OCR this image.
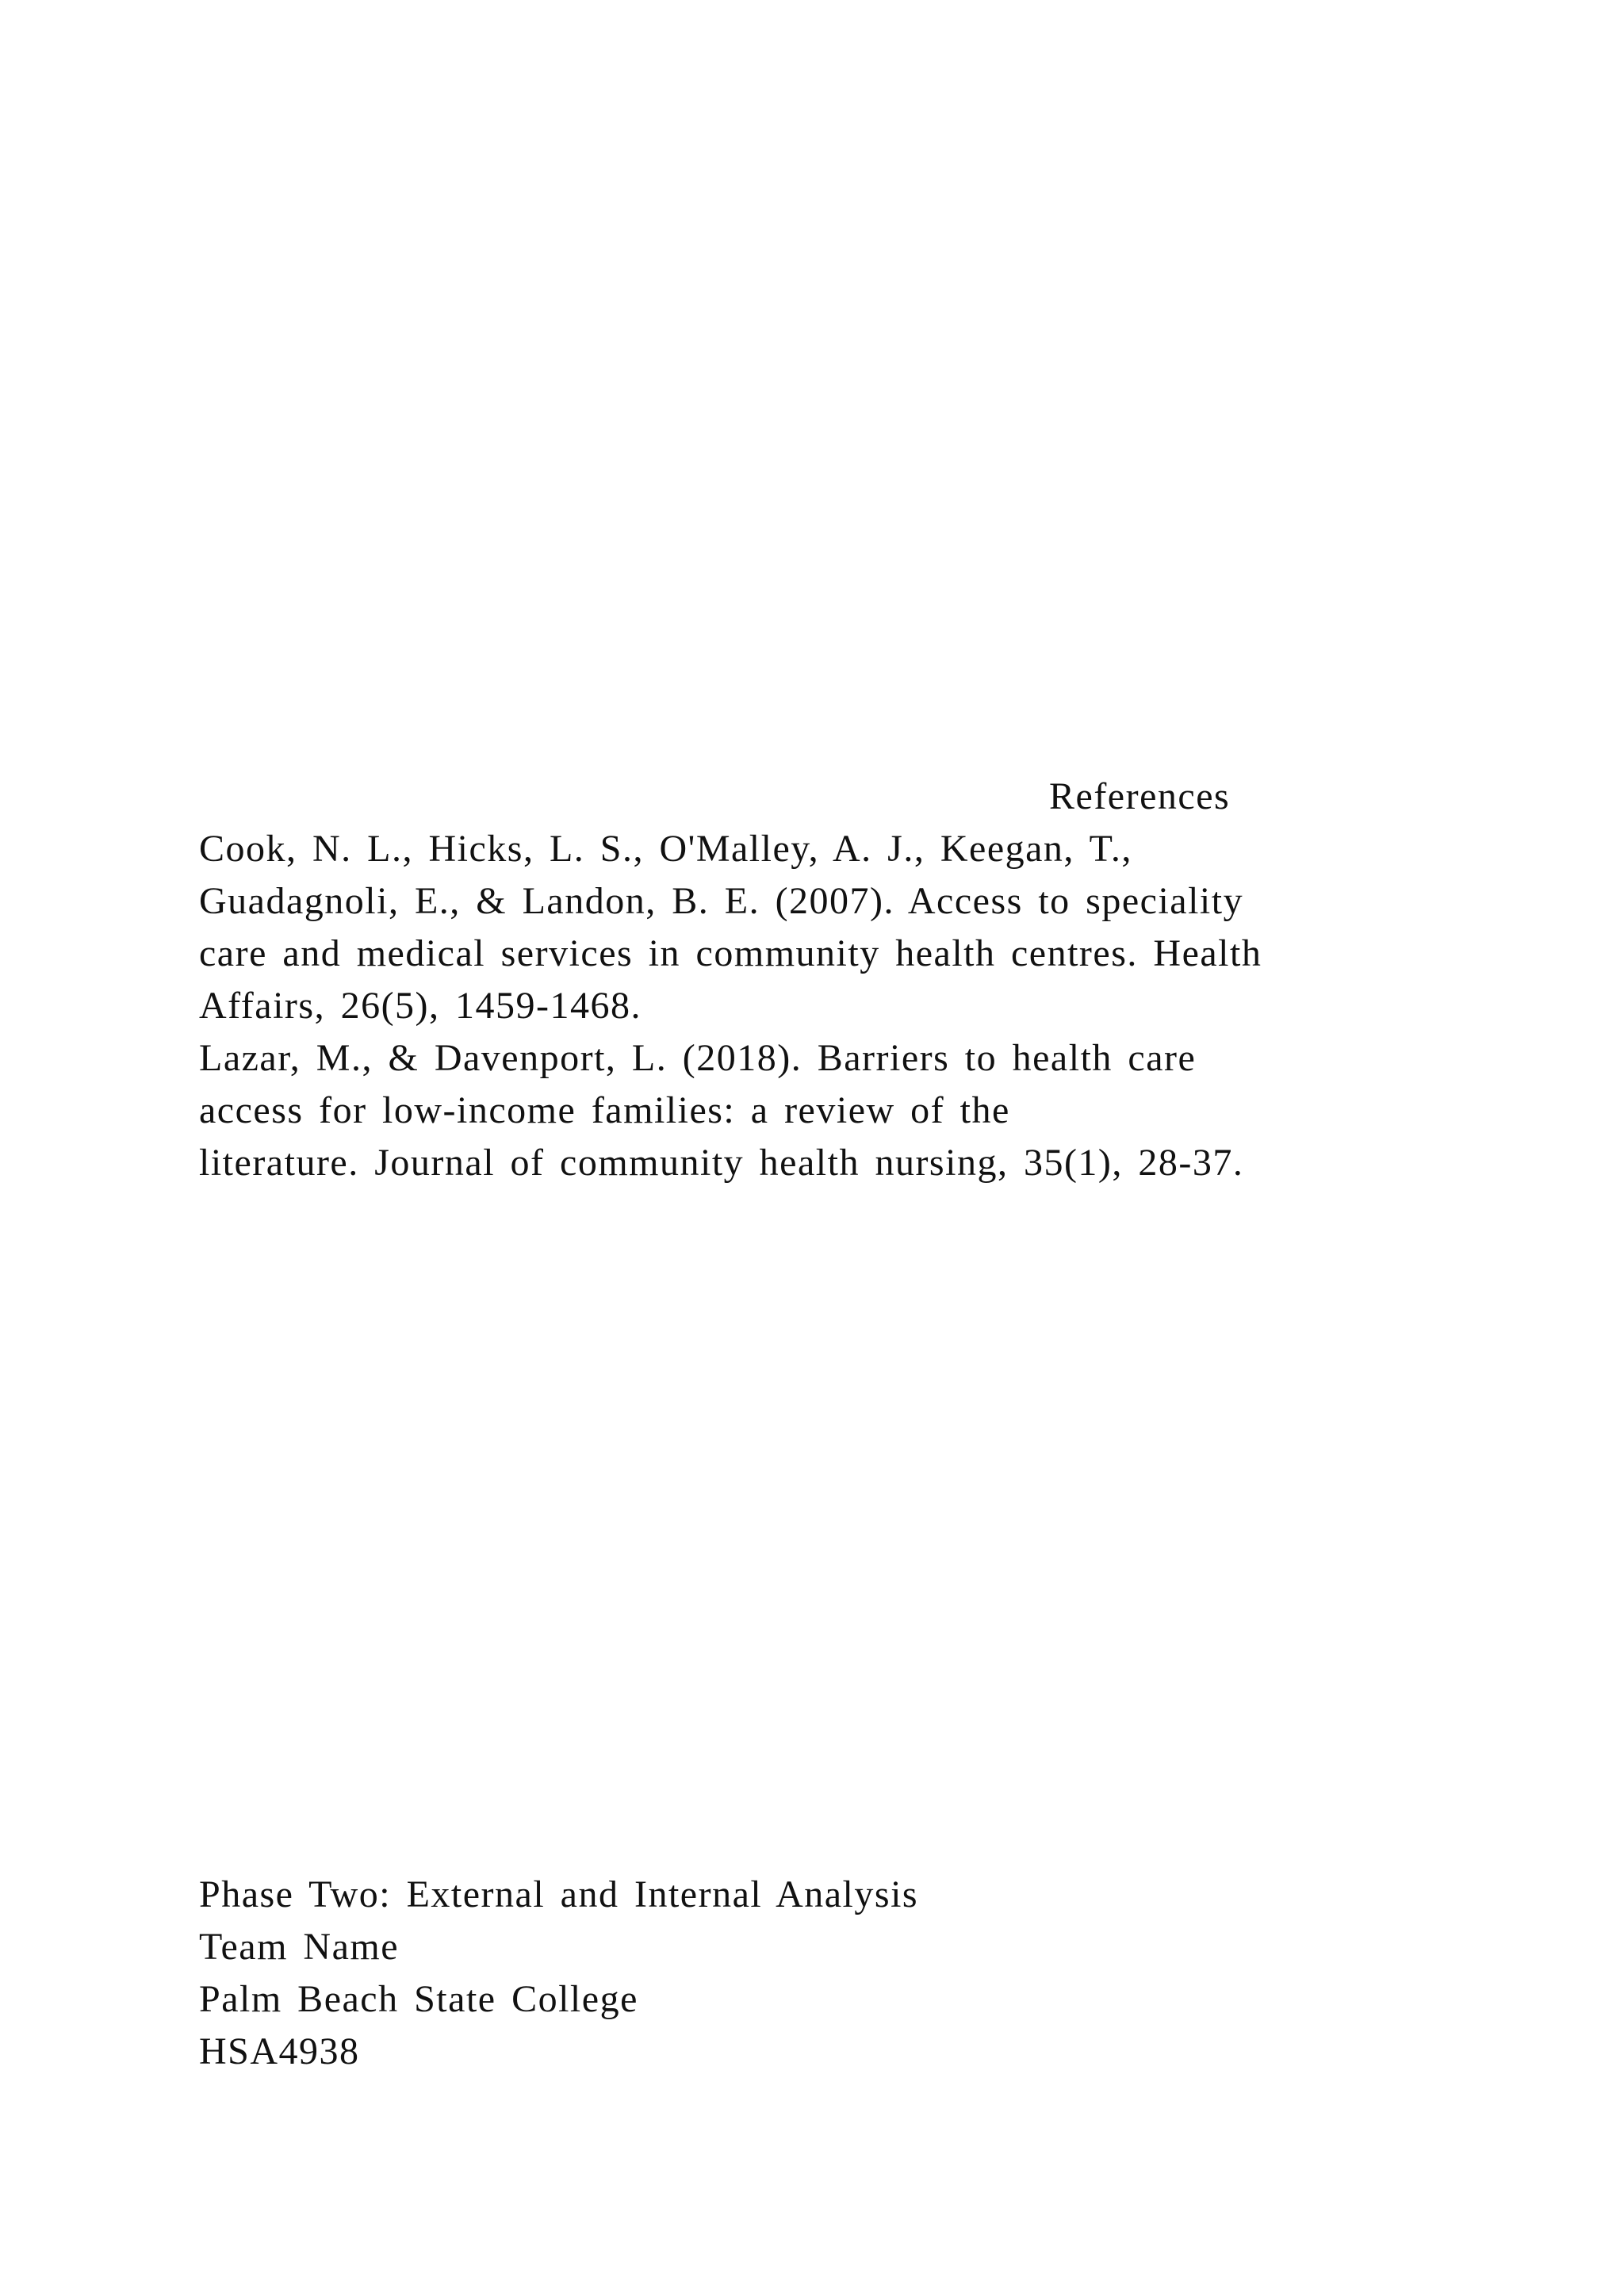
References
Cook, N. L., Hicks, L. S., O'Malley, A. J., Keegan, T.,
Guadagnoli, E., & Landon, B. E. (2007). Access to speciality
care and medical services in community health centres. Health
Affairs, 26(5), 1459-1468.
Lazar, M., & Davenport, L. (2018). Barriers to health care
access for low-income families: a review of the
literature. Journal of community health nursing, 35(1), 28-37.
Phase Two: External and Internal Analysis
Team Name
Palm Beach State College
HSA4938
